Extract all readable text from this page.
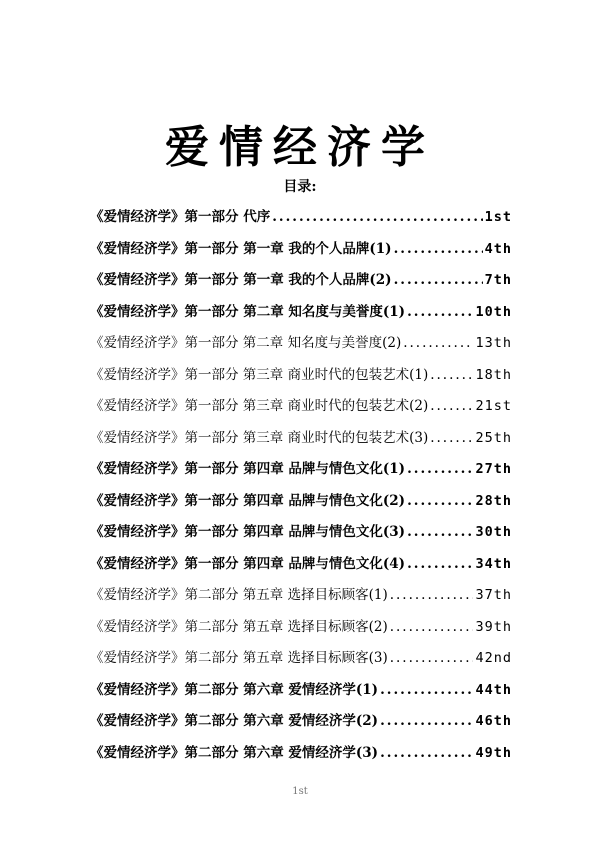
爱情经济学
目录:
《爱情经济学》第一部分 代序 .....	1st
《爱情经济学》第一部分 第一章 我的个人品牌(1) .....	4th
《爱情经济学》第一部分 第一章 我的个人品牌(2) .....	7th
《爱情经济学》第一部分 第二章 知名度与美誉度(1) .....	10th
《爱情经济学》第一部分 第二章 知名度与美誉度(2) .....	13th
《爱情经济学》第一部分 第三章 商业时代的包装艺术(1) .....	18th
《爱情经济学》第一部分 第三章 商业时代的包装艺术(2) .....	21st
《爱情经济学》第一部分 第三章 商业时代的包装艺术(3) .....	25th
《爱情经济学》第一部分 第四章 品牌与情色文化(1) .....	27th
《爱情经济学》第一部分 第四章 品牌与情色文化(2) .....	28th
《爱情经济学》第一部分 第四章 品牌与情色文化(3) .....	30th
《爱情经济学》第一部分 第四章 品牌与情色文化(4) .....	34th
《爱情经济学》第二部分 第五章 选择目标顾客(1) .....	37th
《爱情经济学》第二部分 第五章 选择目标顾客(2) .....	39th
《爱情经济学》第二部分 第五章 选择目标顾客(3) .....	42nd
《爱情经济学》第二部分 第六章 爱情经济学(1) .....	44th
《爱情经济学》第二部分 第六章 爱情经济学(2) .....	46th
《爱情经济学》第二部分 第六章 爱情经济学(3) .....	49th
1st
